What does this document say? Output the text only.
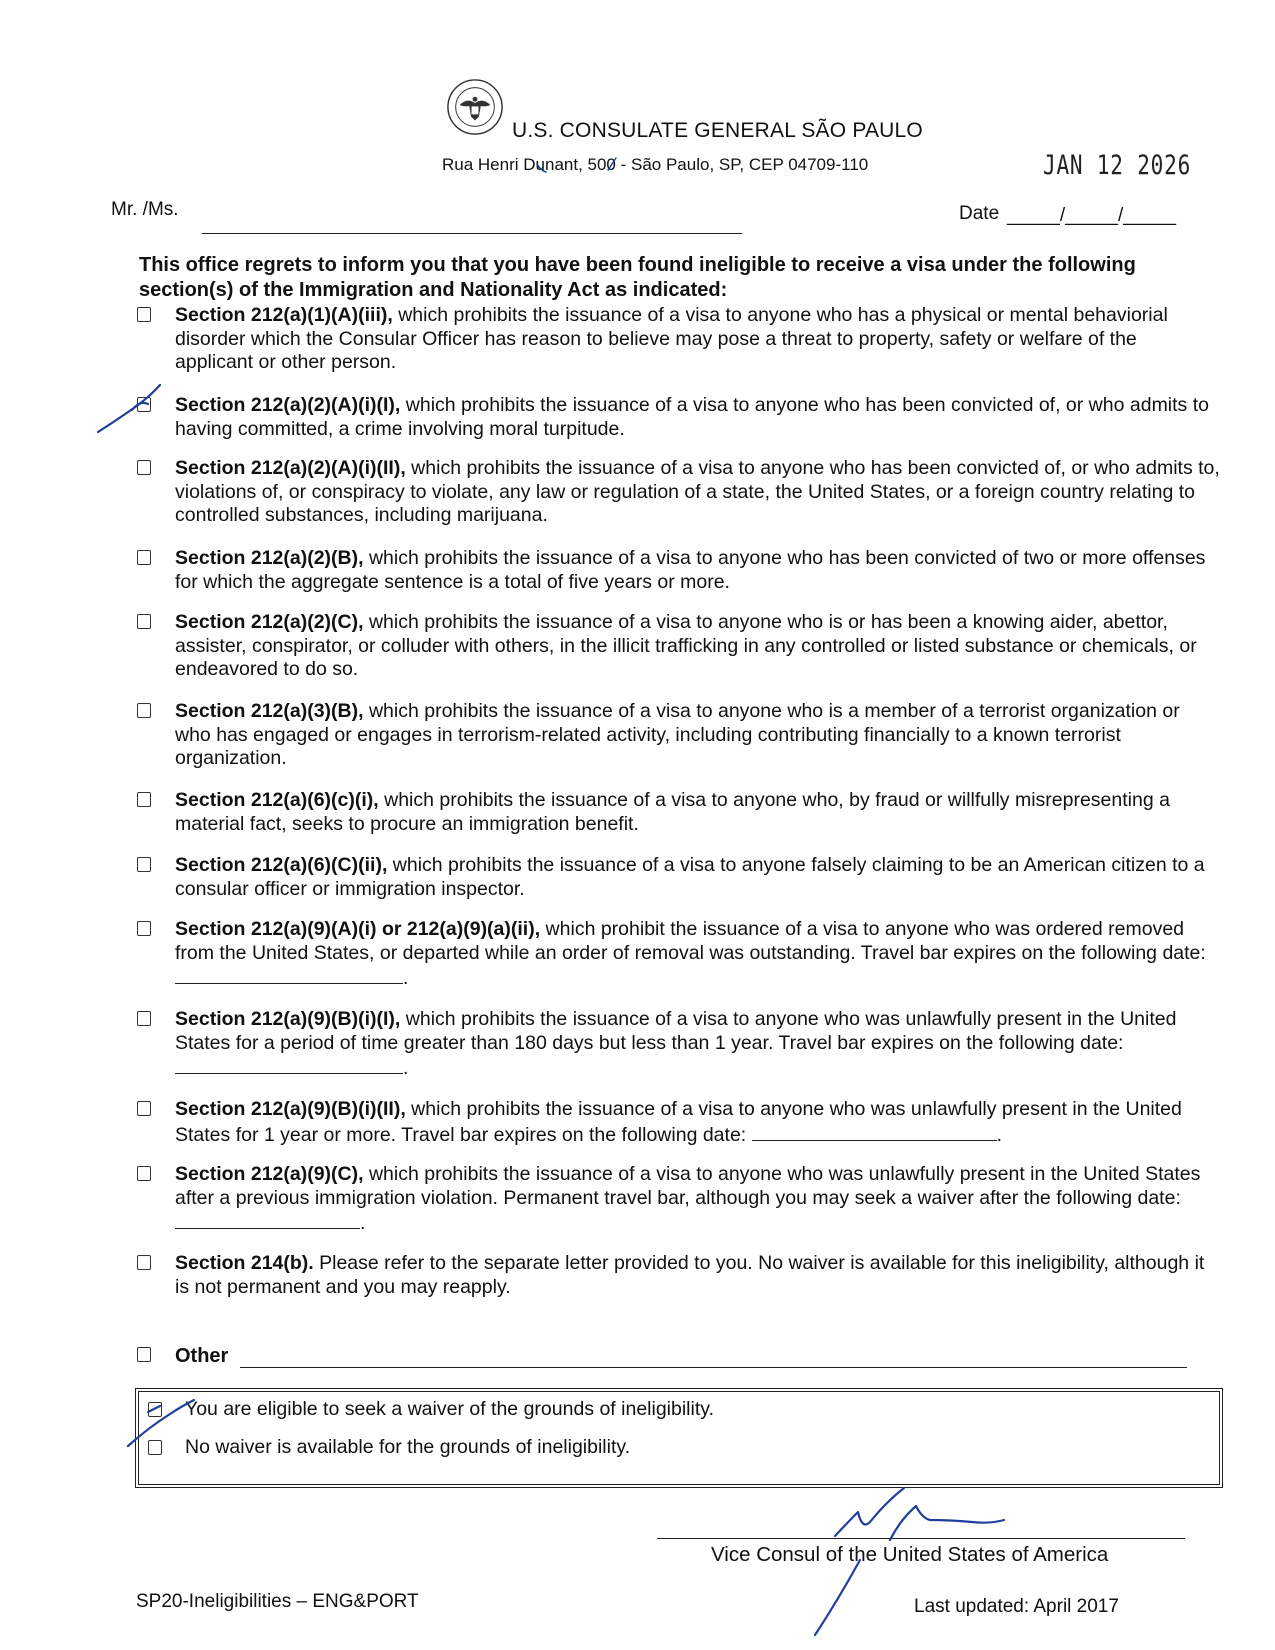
U.S. CONSULATE GENERAL SÃO PAULO
Rua Henri Dunant, 500 - São Paulo, SP, CEP 04709-110	JAN 12 2026
Mr. /Ms.	Date _____/_____/_____
This office regrets to inform you that you have been found ineligible to receive a visa under the following section(s) of the Immigration and Nationality Act as indicated:
Section 212(a)(1)(A)(iii), which prohibits the issuance of a visa to anyone who has a physical or mental behaviorial disorder which the Consular Officer has reason to believe may pose a threat to property, safety or welfare of the applicant or other person.
Section 212(a)(2)(A)(i)(I), which prohibits the issuance of a visa to anyone who has been convicted of, or who admits to having committed, a crime involving moral turpitude.
Section 212(a)(2)(A)(i)(II), which prohibits the issuance of a visa to anyone who has been convicted of, or who admits to, violations of, or conspiracy to violate, any law or regulation of a state, the United States, or a foreign country relating to controlled substances, including marijuana.
Section 212(a)(2)(B), which prohibits the issuance of a visa to anyone who has been convicted of two or more offenses for which the aggregate sentence is a total of five years or more.
Section 212(a)(2)(C), which prohibits the issuance of a visa to anyone who is or has been a knowing aider, abettor, assister, conspirator, or colluder with others, in the illicit trafficking in any controlled or listed substance or chemicals, or endeavored to do so.
Section 212(a)(3)(B), which prohibits the issuance of a visa to anyone who is a member of a terrorist organization or who has engaged or engages in terrorism-related activity, including contributing financially to a known terrorist organization.
Section 212(a)(6)(c)(i), which prohibits the issuance of a visa to anyone who, by fraud or willfully misrepresenting a material fact, seeks to procure an immigration benefit.
Section 212(a)(6)(C)(ii), which prohibits the issuance of a visa to anyone falsely claiming to be an American citizen to a consular officer or immigration inspector.
Section 212(a)(9)(A)(i) or 212(a)(9)(a)(ii), which prohibit the issuance of a visa to anyone who was ordered removed from the United States, or departed while an order of removal was outstanding. Travel bar expires on the following date: .
Section 212(a)(9)(B)(i)(I), which prohibits the issuance of a visa to anyone who was unlawfully present in the United States for a period of time greater than 180 days but less than 1 year. Travel bar expires on the following date: .
Section 212(a)(9)(B)(i)(II), which prohibits the issuance of a visa to anyone who was unlawfully present in the United States for 1 year or more. Travel bar expires on the following date:	.
Section 212(a)(9)(C), which prohibits the issuance of a visa to anyone who was unlawfully present in the United States after a previous immigration violation. Permanent travel bar, although you may seek a waiver after the following date: .
Section 214(b). Please refer to the separate letter provided to you. No waiver is available for this ineligibility, although it is not permanent and you may reapply.
Other
You are eligible to seek a waiver of the grounds of ineligibility.
No waiver is available for the grounds of ineligibility.
Vice Consul of the United States of America
SP20-Ineligibilities – ENG&PORT	Last updated: April 2017
